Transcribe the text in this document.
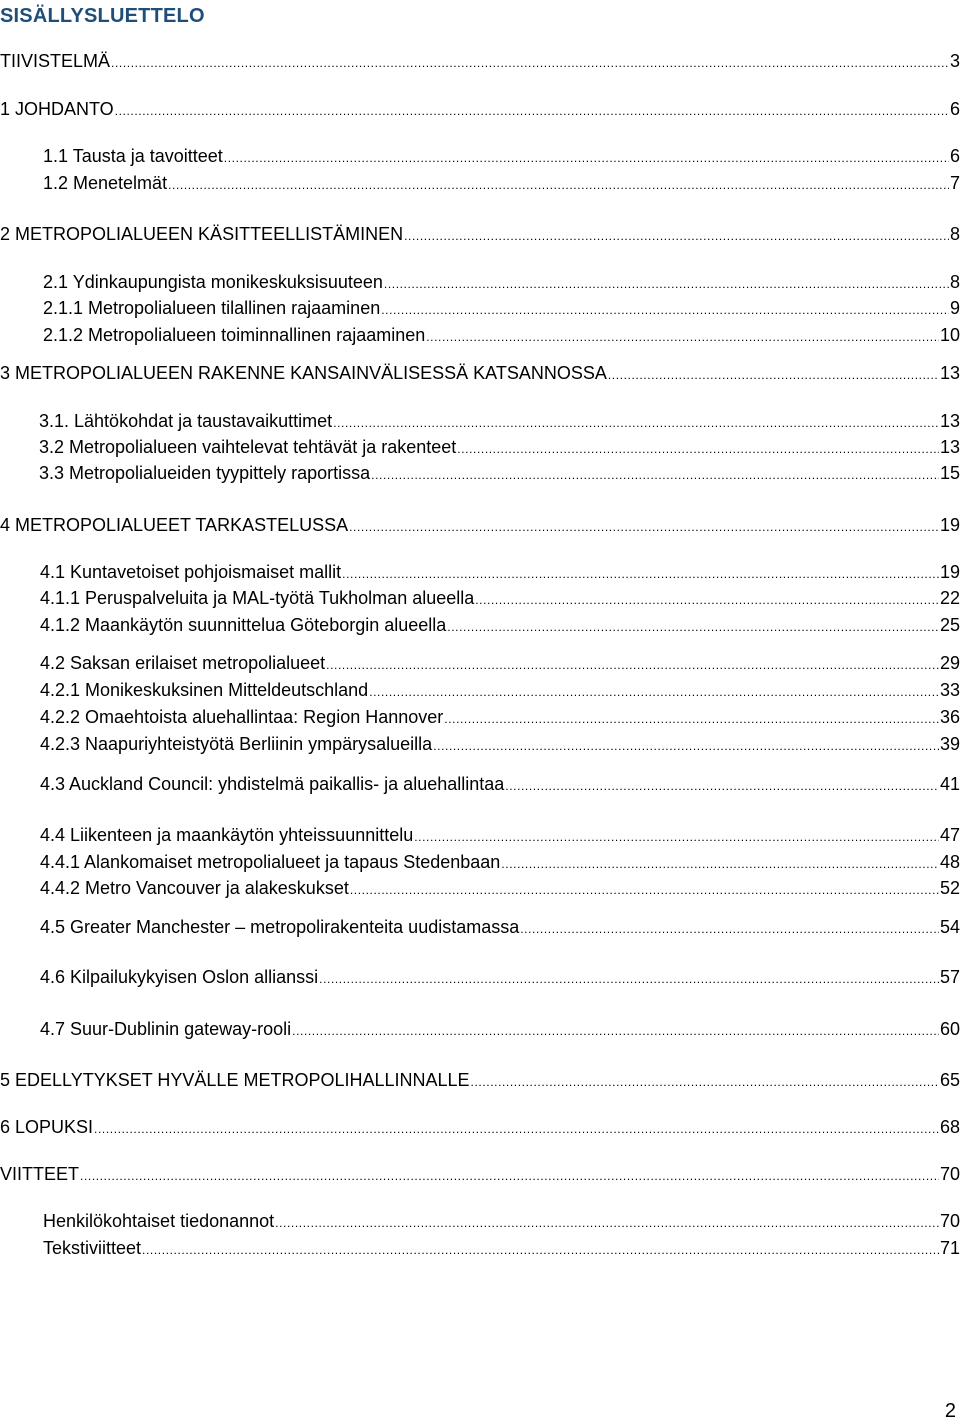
SISÄLLYSLUETTELO
TIIVISTELMÄ .....	3
1 JOHDANTO .....	6
1.1 Tausta ja tavoitteet .....	6
1.2 Menetelmät .....	7
2 METROPOLIALUEEN KÄSITTEELLISTÄMINEN .....	8
2.1 Ydinkaupungista monikeskuksisuuteen .....	8
2.1.1 Metropolialueen tilallinen rajaaminen .....	9
2.1.2 Metropolialueen toiminnallinen rajaaminen .....	10
3 METROPOLIALUEEN RAKENNE KANSAINVÄLISESSÄ KATSANNOSSA .....	13
3.1. Lähtökohdat ja taustavaikuttimet .....	13
3.2 Metropolialueen vaihtelevat tehtävät ja rakenteet .....	13
3.3 Metropolialueiden tyypittely raportissa .....	15
4 METROPOLIALUEET TARKASTELUSSA .....	19
4.1 Kuntavetoiset pohjoismaiset mallit .....	19
4.1.1 Peruspalveluita ja MAL-työtä Tukholman alueella .....	22
4.1.2 Maankäytön suunnittelua Göteborgin alueella .....	25
4.2 Saksan erilaiset metropolialueet .....	29
4.2.1 Monikeskuksinen Mitteldeutschland .....	33
4.2.2 Omaehtoista aluehallintaa: Region Hannover .....	36
4.2.3 Naapuriyhteistyötä Berliinin ympärysalueilla .....	39
4.3 Auckland Council: yhdistelmä paikallis- ja aluehallintaa .....	41
4.4 Liikenteen ja maankäytön yhteissuunnittelu .....	47
4.4.1 Alankomaiset metropolialueet ja tapaus Stedenbaan .....	48
4.4.2 Metro Vancouver ja alakeskukset .....	52
4.5 Greater Manchester – metropolirakenteita uudistamassa .....	54
4.6 Kilpailukykyisen Oslon allianssi .....	57
4.7 Suur-Dublinin gateway-rooli .....	60
5 EDELLYTYKSET HYVÄLLE METROPOLIHALLINNALLE .....	65
6 LOPUKSI .....	68
VIITTEET .....	70
Henkilökohtaiset tiedonannot .....	70
Tekstiviitteet .....	71
2
